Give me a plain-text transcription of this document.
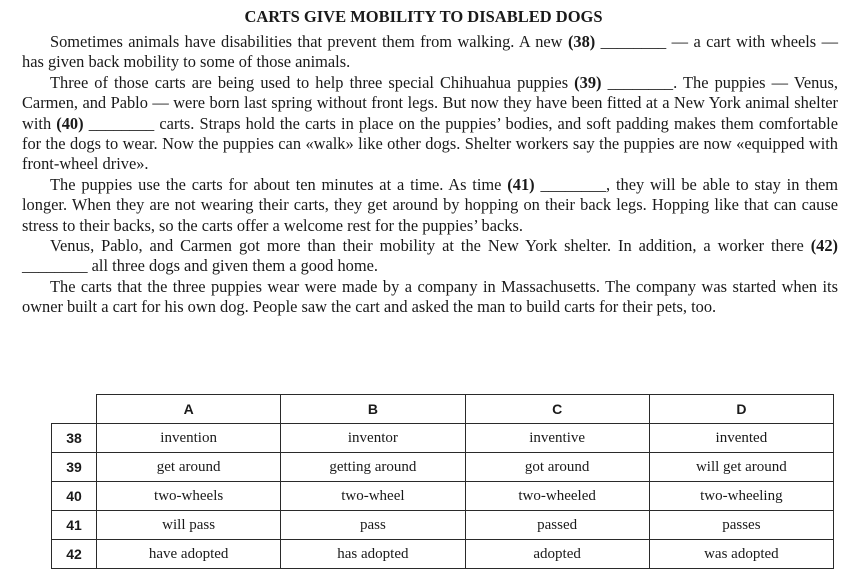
CARTS GIVE MOBILITY TO DISABLED DOGS

Sometimes animals have disabilities that prevent them from walking. A new (38) ________ — a cart with wheels — has given back mobility to some of those animals.

Three of those carts are being used to help three special Chihuahua puppies (39) ________. The puppies — Venus, Carmen, and Pablo — were born last spring without front legs. But now they have been fitted at a New York animal shelter with (40) ________ carts. Straps hold the carts in place on the puppies’ bodies, and soft padding makes them comfortable for the dogs to wear. Now the puppies can «walk» like other dogs. Shelter workers say the puppies are now «equipped with front-wheel drive».

The puppies use the carts for about ten minutes at a time. As time (41) ________, they will be able to stay in them longer. When they are not wearing their carts, they get around by hopping on their back legs. Hopping like that can cause stress to their backs, so the carts offer a welcome rest for the puppies’ backs.

Venus, Pablo, and Carmen got more than their mobility at the New York shelter. In addition, a worker there (42) ________ all three dogs and given them a good home.

The carts that the three puppies wear were made by a company in Massachusetts. The company was started when its owner built a cart for his own dog. People saw the cart and asked the man to build carts for their pets, too.

	A	B	C	D
38	invention	inventor	inventive	invented
39	get around	getting around	got around	will get around
40	two-wheels	two-wheel	two-wheeled	two-wheeling
41	will pass	pass	passed	passes
42	have adopted	has adopted	adopted	was adopted
